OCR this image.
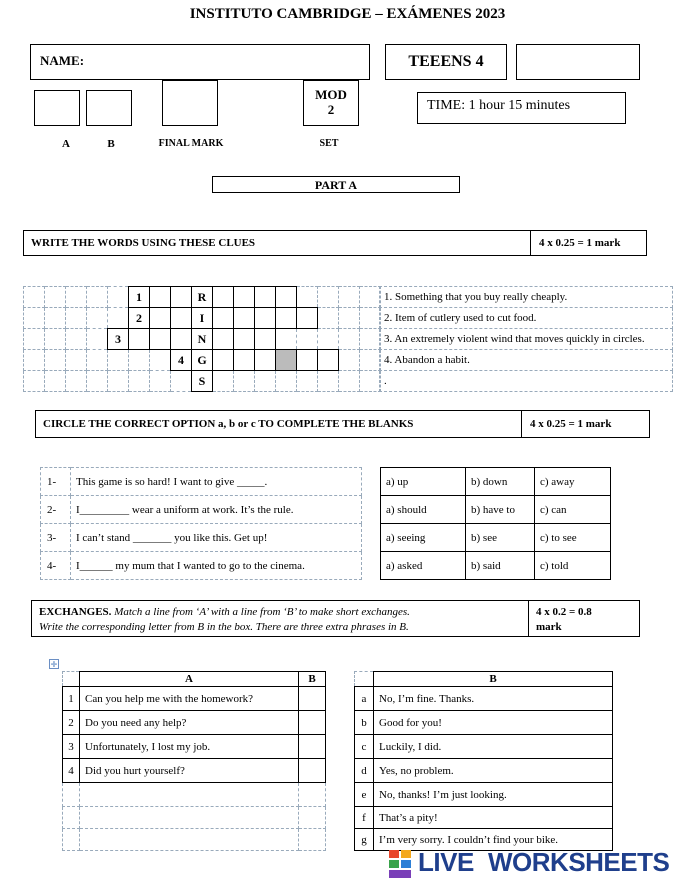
INSTITUTO CAMBRIDGE – EXÁMENES 2023
NAME:	TEEENS 4
MOD
2	TIME: 1 hour 15 minutes
A	B	FINAL MARK	SET
PART A
WRITE THE WORDS USING THESE CLUES	4 x 0.25 = 1 mark
					1			R								
					2			I								
				3				N								
							4	G								
								S								
1. Something that you buy really cheaply.
2. Item of cutlery used to cut food.
3. An extremely violent wind that moves quickly in circles.
4. Abandon a habit.
.
CIRCLE THE CORRECT OPTION a, b or c TO COMPLETE THE BLANKS	4 x 0.25 = 1 mark
1-	This game is so hard! I want to give _____.
2-	I_________ wear a uniform at work. It’s the rule.
3-	I can’t stand _______ you like this. Get up!
4-	I______ my mum that I wanted to go to the cinema.
a) up	b) down	c) away
a) should	b) have to	c) can
a) seeing	b) see	c) to see
a) asked	b) said	c) told
EXCHANGES. Match a line from ‘A’ with a line from ‘B’ to make short exchanges.
Write the corresponding letter from B in the box. There are three extra phrases in B.
4 x 0.2 = 0.8
mark
✛
	A	B
1	Can you help me with the homework?	
2	Do you need any help?	
3	Unfortunately, I lost my job.	
4	Did you hurt yourself?	

	B
a	No, I’m fine. Thanks.
b	Good for you!
c	Luckily, I did.
d	Yes, no problem.
e	No, thanks! I’m just looking.
f	That’s a pity!
g	I’m very sorry. I couldn’t find your bike.
LIVE WORKSHEETS
